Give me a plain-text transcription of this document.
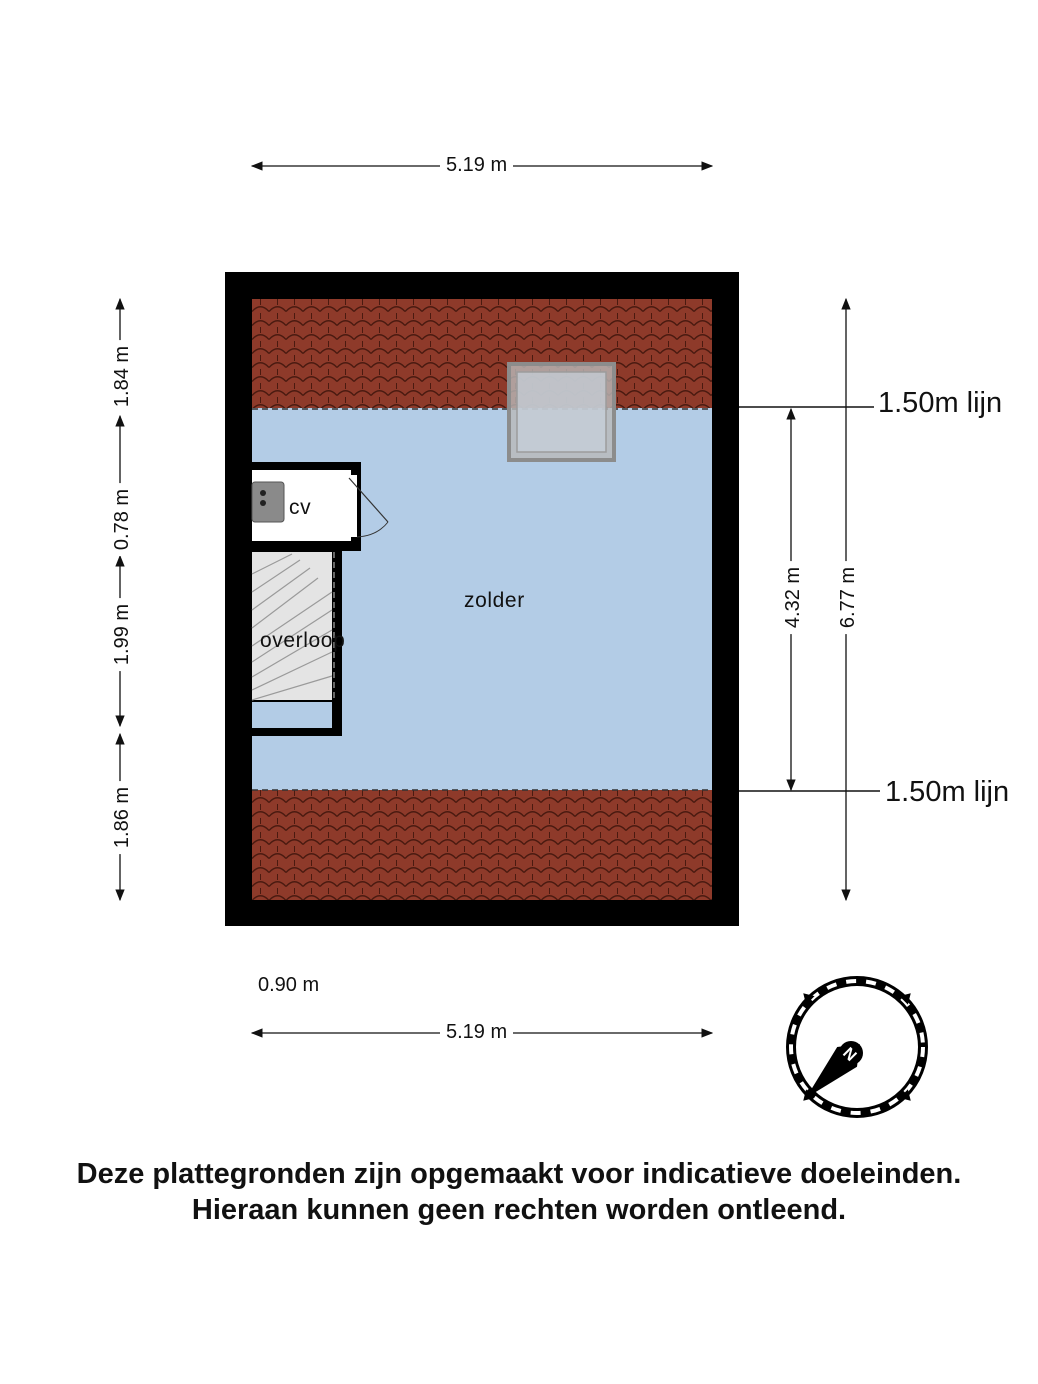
N
5.19 m
5.19 m
0.90 m
1.84 m
0.78 m
1.99 m
1.86 m
4.32 m 6.77 m
1.50m lijn
1.50m lijn
zolder
cv
overloop
Deze plattegronden zijn opgemaakt voor indicatieve doeleinden.
Hieraan kunnen geen rechten worden ontleend.
